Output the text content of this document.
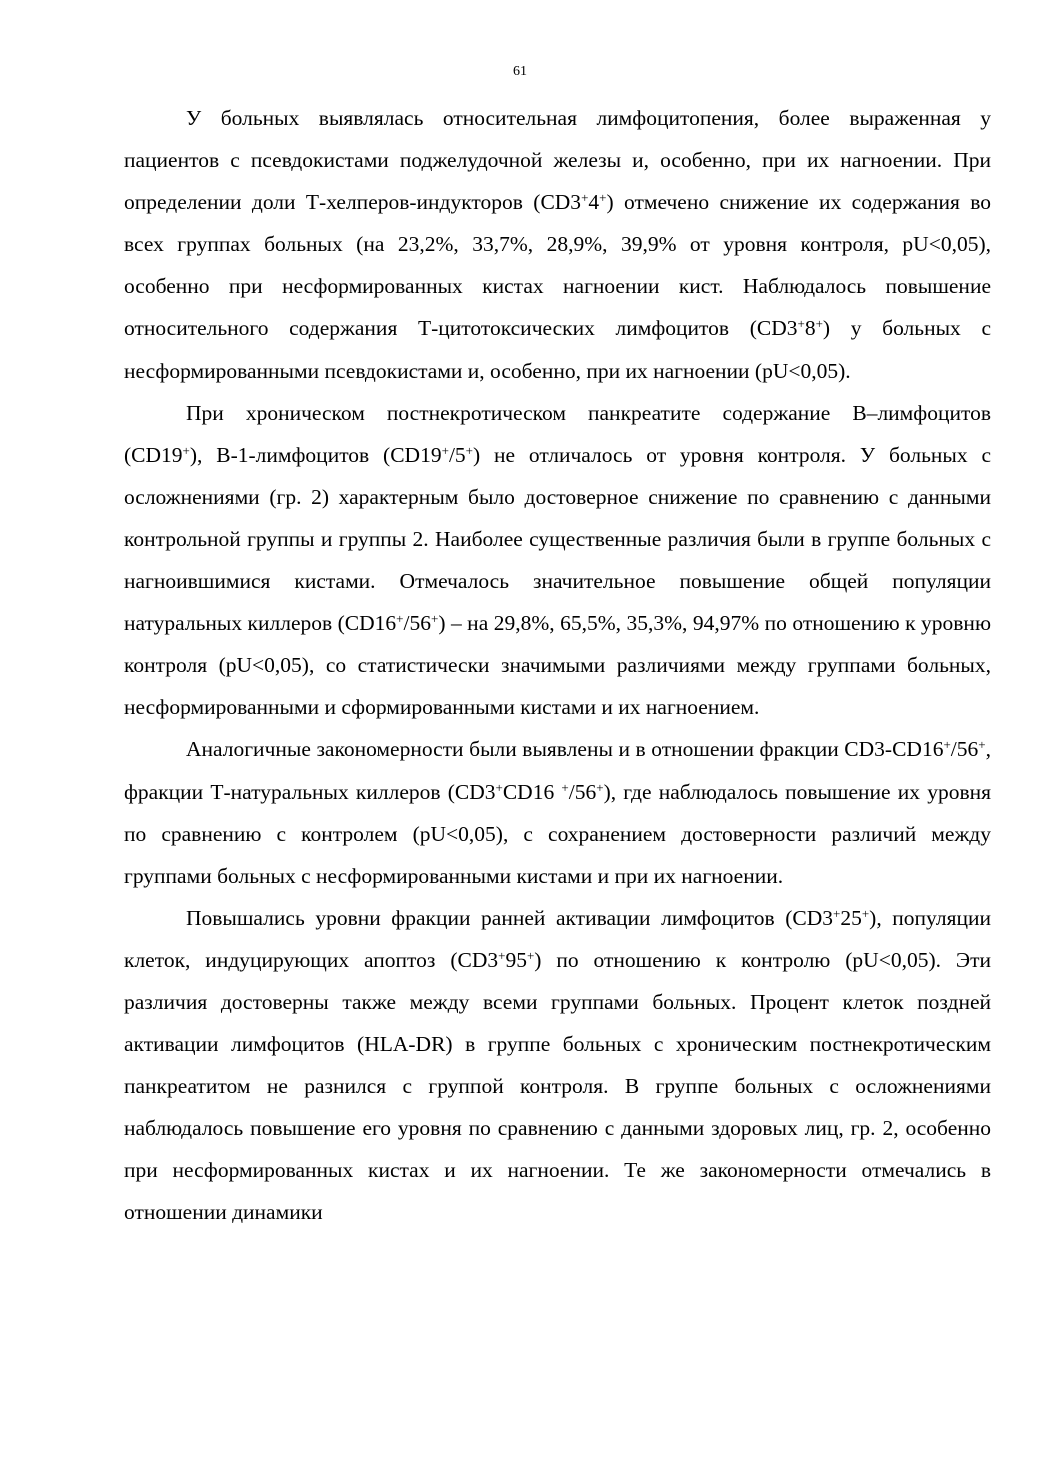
61

У больных выявлялась относительная лимфоцитопения, более выраженная у пациентов с псевдокистами поджелудочной железы и, особенно, при их нагноении. При определении доли Т-хелперов-индукторов (CD3+4+) отмечено снижение их содержания во всех группах больных (на 23,2%, 33,7%, 28,9%, 39,9% от уровня контроля, pU<0,05), особенно при несформированных кистах нагноении кист. Наблюдалось повышение относительного содержания Т-цитотоксических лимфоцитов (CD3+8+) у больных с несформированными псевдокистами и, особенно, при их нагноении (pU<0,05).

При хроническом постнекротическом панкреатите содержание В–лимфоцитов (CD19+), В-1-лимфоцитов (CD19+/5+) не отличалось от уровня контроля. У больных с осложнениями (гр. 2) характерным было достоверное снижение по сравнению с данными контрольной группы и группы 2. Наиболее существенные различия были в группе больных с нагноившимися кистами. Отмечалось значительное повышение общей популяции натуральных киллеров (CD16+/56+) – на 29,8%, 65,5%, 35,3%, 94,97% по отношению к уровню контроля (pU<0,05), со статистически значимыми различиями между группами больных, несформированными и сформированными кистами и их нагноением.

Аналогичные закономерности были выявлены и в отношении фракции CD3-CD16+/56+, фракции Т-натуральных киллеров (CD3+CD16 +/56+), где наблюдалось повышение их уровня по сравнению с контролем (pU<0,05), с сохранением достоверности различий между группами больных с несформированными кистами и при их нагноении.

Повышались уровни фракции ранней активации лимфоцитов (CD3+25+), популяции клеток, индуцирующих апоптоз (CD3+95+) по отношению к контролю (pU<0,05). Эти различия достоверны также между всеми группами больных. Процент клеток поздней активации лимфоцитов (HLA-DR) в группе больных с хроническим постнекротическим панкреатитом не разнился с группой контроля. В группе больных с осложнениями наблюдалось повышение его уровня по сравнению с данными здоровых лиц, гр. 2, особенно при несформированных кистах и их нагноении. Те же закономерности отмечались в отношении динамики
